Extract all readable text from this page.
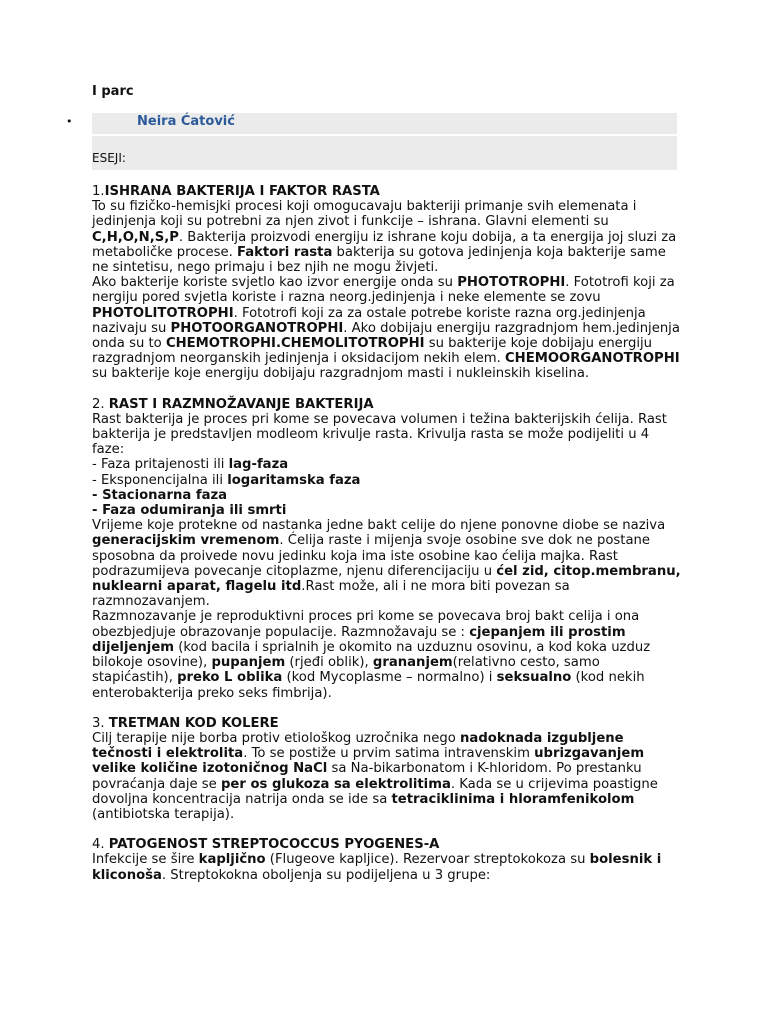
I parc
•	Neira Ćatović
ESEJI:

1.ISHRANA BAKTERIJA I FAKTOR RASTA

To su fizičko-hemisjki procesi koji omogucavaju bakteriji primanje svih elemenata i jedinjenja koji su potrebni za njen zivot i funkcije – ishrana. Glavni elementi su C,H,O,N,S,P. Bakterija proizvodi energiju iz ishrane koju dobija, a ta energija joj sluzi za metaboličke procese. Faktori rasta bakterija su gotova jedinjenja koja bakterije same ne sintetisu, nego primaju i bez njih ne mogu živjeti.

Ako bakterije koriste svjetlo kao izvor energije onda su PHOTOTROPHI. Fototrofi koji za nergiju pored svjetla koriste i razna neorg.jedinjenja i neke elemente se zovu PHOTOLITOTROPHI. Fototrofi koji za za ostale potrebe koriste razna org.jedinjenja nazivaju su PHOTOORGANOTROPHI. Ako dobijaju energiju razgradnjom hem.jedinjenja onda su to CHEMOTROPHI.CHEMOLITOTROPHI su bakterije koje dobijaju energiju razgradnjom neorganskih jedinjenja i oksidacijom nekih elem. CHEMOORGANOTROPHI su bakterije koje energiju dobijaju razgradnjom masti i nukleinskih kiselina.

2. RAST I RAZMNOŽAVANJE BAKTERIJA

Rast bakterija je proces pri kome se povecava volumen i težina bakterijskih ćelija. Rast bakterija je predstavljen modleom krivulje rasta. Krivulja rasta se može podijeliti u 4 faze:

- Faza pritajenosti ili lag-faza

- Eksponencijalna ili logaritamska faza

- Stacionarna faza

- Faza odumiranja ili smrti

Vrijeme koje protekne od nastanka jedne bakt celije do njene ponovne diobe se naziva generacijskim vremenom. Ćelija raste i mijenja svoje osobine sve dok ne postane sposobna da proivede novu jedinku koja ima iste osobine kao ćelija majka. Rast podrazumijeva povecanje citoplazme, njenu diferencijaciju u ćel zid, citop.membranu, nuklearni aparat, flagelu itd.Rast može, ali i ne mora biti povezan sa razmnozavanjem.

Razmnozavanje je reproduktivni proces pri kome se povecava broj bakt celija i ona obezbjedjuje obrazovanje populacije. Razmnožavaju se : cjepanjem ili prostim dijeljenjem (kod bacila i sprialnih je okomito na uzduznu osovinu, a kod koka uzduz bilokoje osovine), pupanjem (rjeđi oblik), grananjem(relativno cesto, samo stapićastih), preko L oblika (kod Mycoplasme – normalno) i seksualno (kod nekih enterobakterija preko seks fimbrija).

3. TRETMAN KOD KOLERE

Cilj terapije nije borba protiv etiološkog uzročnika nego nadoknada izgubljene tečnosti i elektrolita. To se postiže u prvim satima intravenskim ubrizgavanjem velike količine izotoničnog NaCl sa Na-bikarbonatom i K-hloridom. Po prestanku povraćanja daje se per os glukoza sa elektrolitima. Kada se u crijevima poastigne dovoljna koncentracija natrija onda se ide sa tetraciklinima i hloramfenikolom (antibiotska terapija).

4. PATOGENOST STREPTOCOCCUS PYOGENES-A

Infekcije se šire kapljično (Flugeove kapljice). Rezervoar streptokokoza su bolesnik i kliconoša. Streptokokna oboljenja su podijeljena u 3 grupe:
